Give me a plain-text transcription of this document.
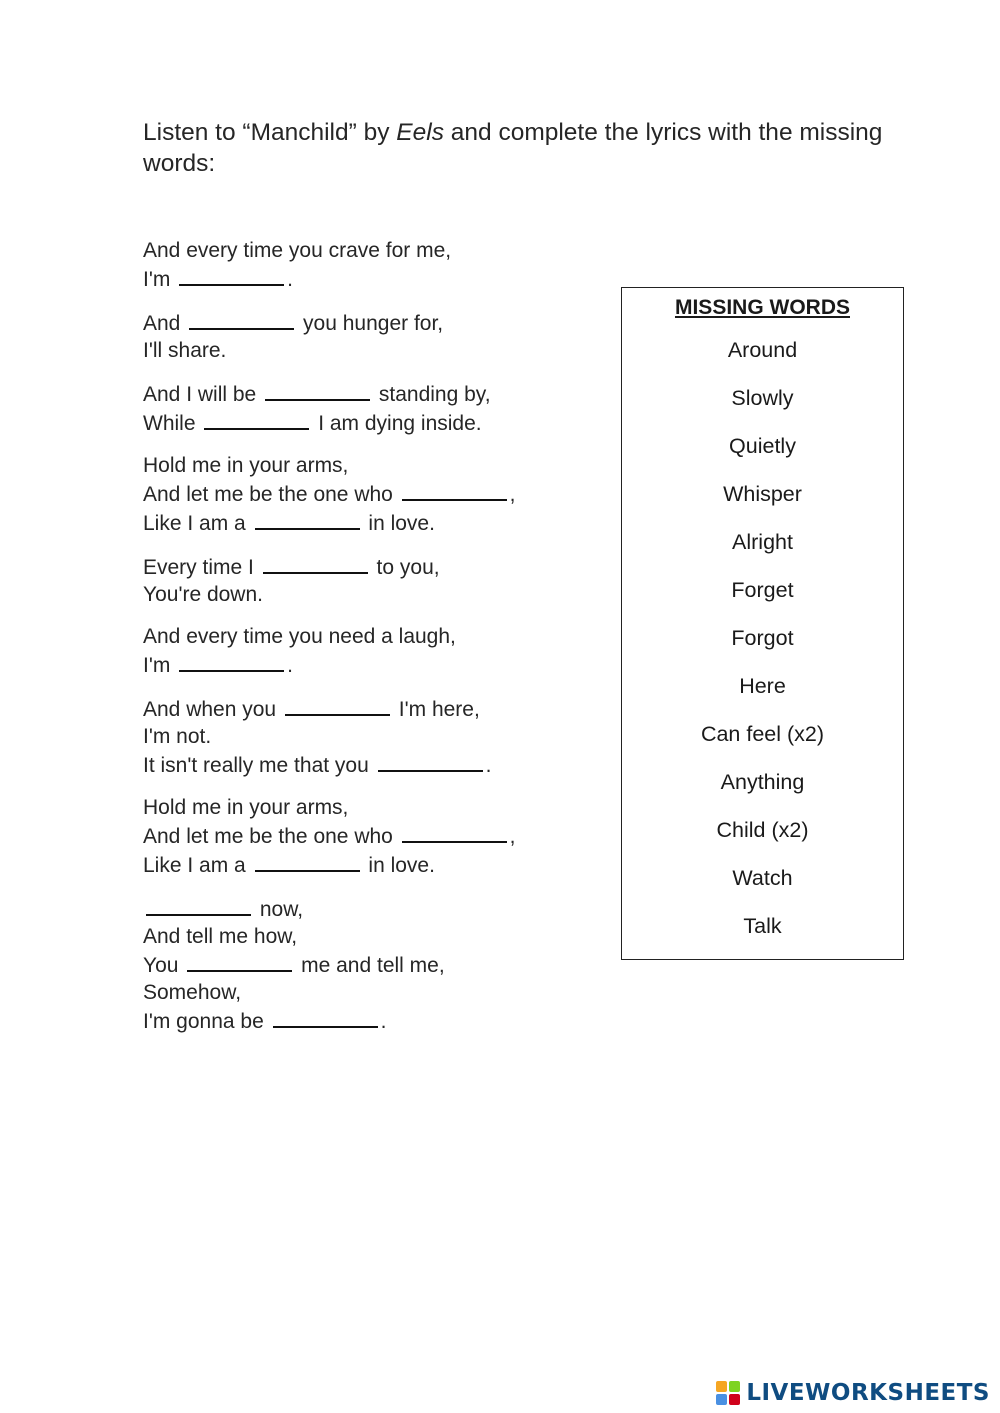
Listen to “Manchild” by Eels and complete the lyrics with the missing words:

And every time you crave for me,
I'm	.
And	you hunger for,
I'll share.
And I will be	standing by,
While	I am dying inside.
Hold me in your arms,
And let me be the one who	,
Like I am a	in love.
Every time I	to you,
You're down.
And every time you need a laugh,
I'm	.
And when you	I'm here,
I'm not.
It isn't really me that you	.
Hold me in your arms,
And let me be the one who	,
Like I am a	in love.
now,
And tell me how,
You	me and tell me,
Somehow,
I'm gonna be	.
MISSING WORDS
Around
Slowly
Quietly
Whisper
Alright
Forget
Forgot
Here
Can feel (x2)
Anything
Child (x2)
Watch
Talk
LIVEWORKSHEETS
